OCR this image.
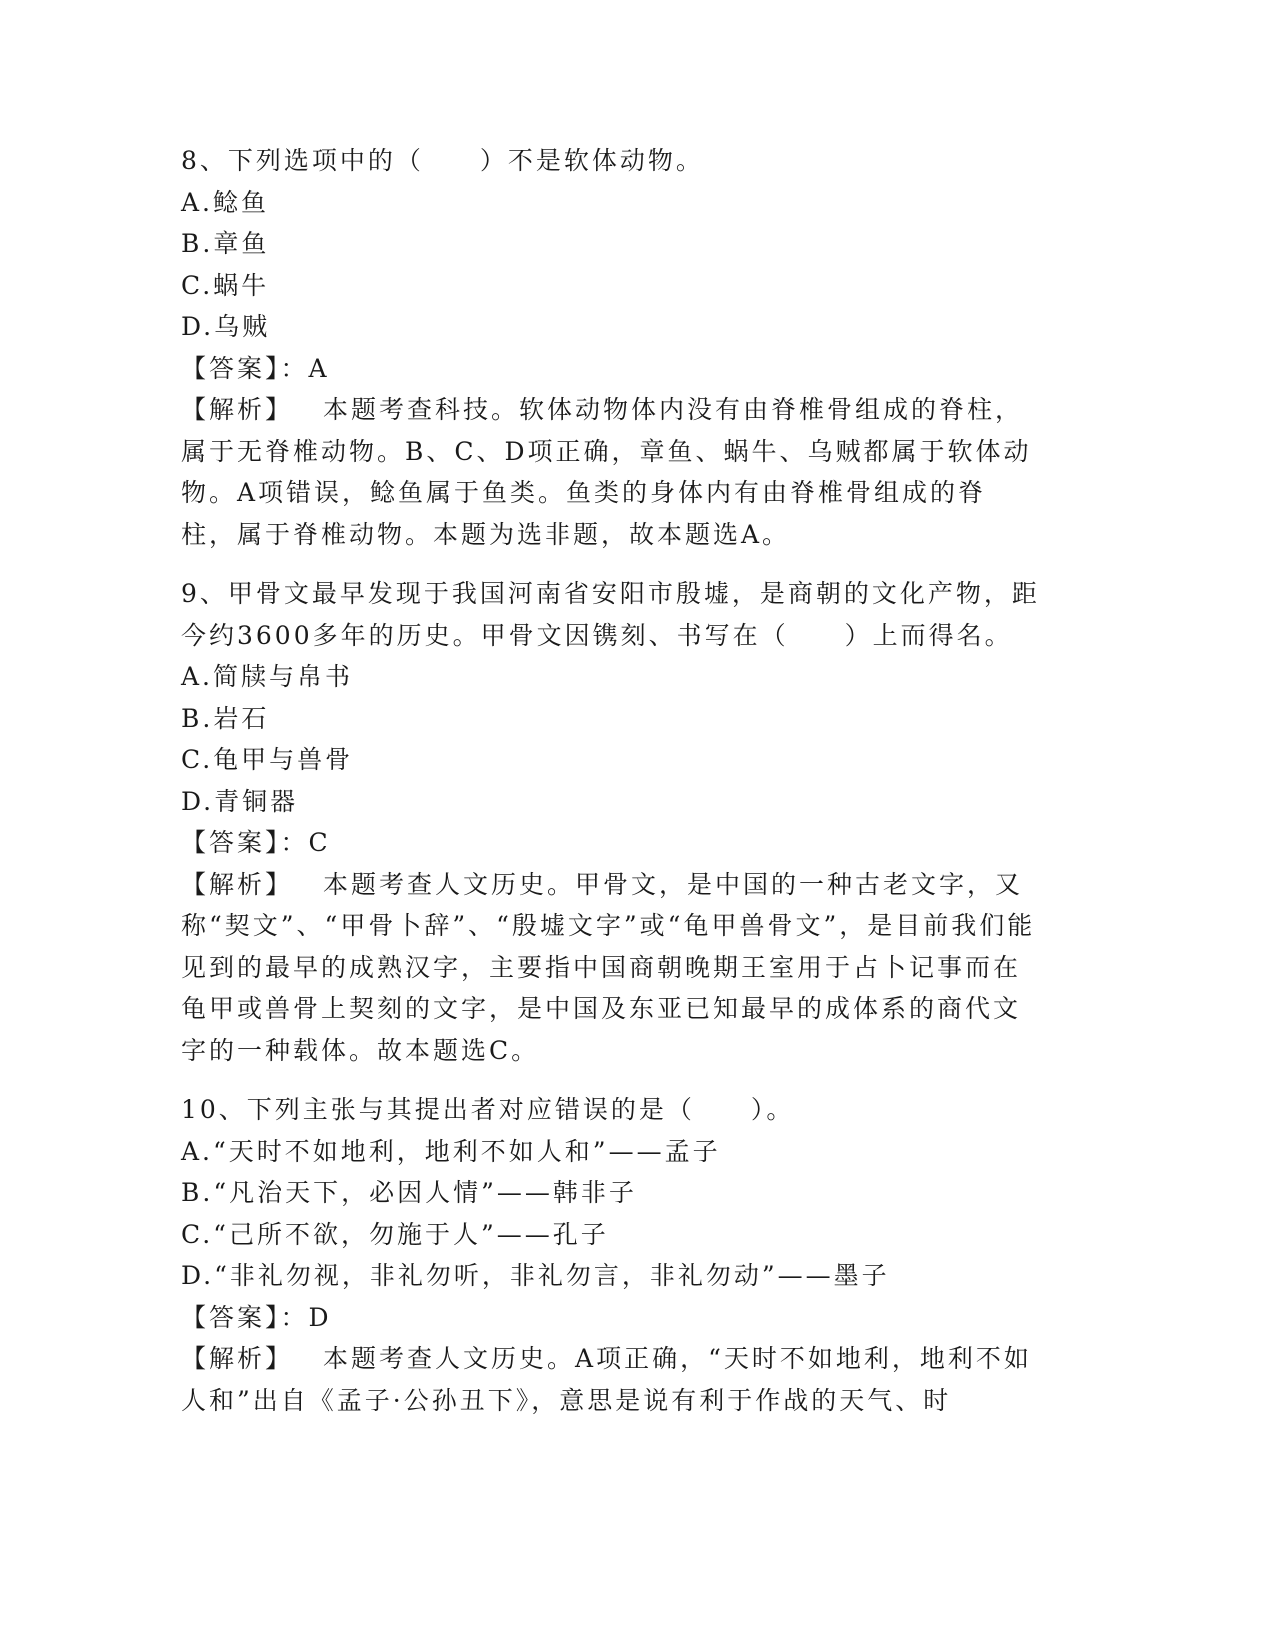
8、下列选项中的（　　）不是软体动物。
A.鲶鱼
B.章鱼
C.蜗牛
D.乌贼
【答案】：A
【解析】 本题考查科技。软体动物体内没有由脊椎骨组成的脊柱，属于无脊椎动物。B、C、D项正确，章鱼、蜗牛、乌贼都属于软体动物。A项错误，鲶鱼属于鱼类。鱼类的身体内有由脊椎骨组成的脊柱，属于脊椎动物。本题为选非题，故本题选A。
9、甲骨文最早发现于我国河南省安阳市殷墟，是商朝的文化产物，距
今约3600多年的历史。甲骨文因镌刻、书写在（　　）上而得名。
A.简牍与帛书
B.岩石
C.龟甲与兽骨
D.青铜器
【答案】：C
【解析】 本题考查人文历史。甲骨文，是中国的一种古老文字，又称“契文”、“甲骨卜辞”、“殷墟文字”或“龟甲兽骨文”，是目前我们能见到的最早的成熟汉字，主要指中国商朝晚期王室用于占卜记事而在龟甲或兽骨上契刻的文字，是中国及东亚已知最早的成体系的商代文字的一种载体。故本题选C。
10、下列主张与其提出者对应错误的是（　　）。
A.“天时不如地利，地利不如人和”——孟子
B.“凡治天下，必因人情”——韩非子
C.“己所不欲，勿施于人”——孔子
D.“非礼勿视，非礼勿听，非礼勿言，非礼勿动”——墨子
【答案】：D
【解析】 本题考查人文历史。A项正确，“天时不如地利，地利不如人和”出自《孟子·公孙丑下》，意思是说有利于作战的天气、时
